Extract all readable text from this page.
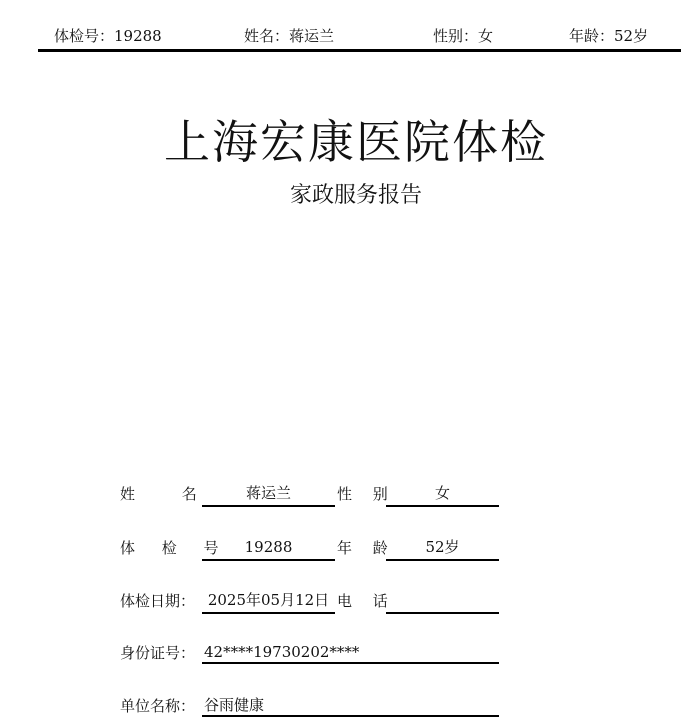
体检号：19288	姓名：蒋运兰	性别：女	年龄：52岁
上海宏康医院体检
家政服务报告
姓 名	蒋运兰	性 别	女
体 检 号	19288	年 龄	52岁
体检日期： 2025年05月12日 电 话
身份证号： 42****19730202****
单位名称： 谷雨健康
